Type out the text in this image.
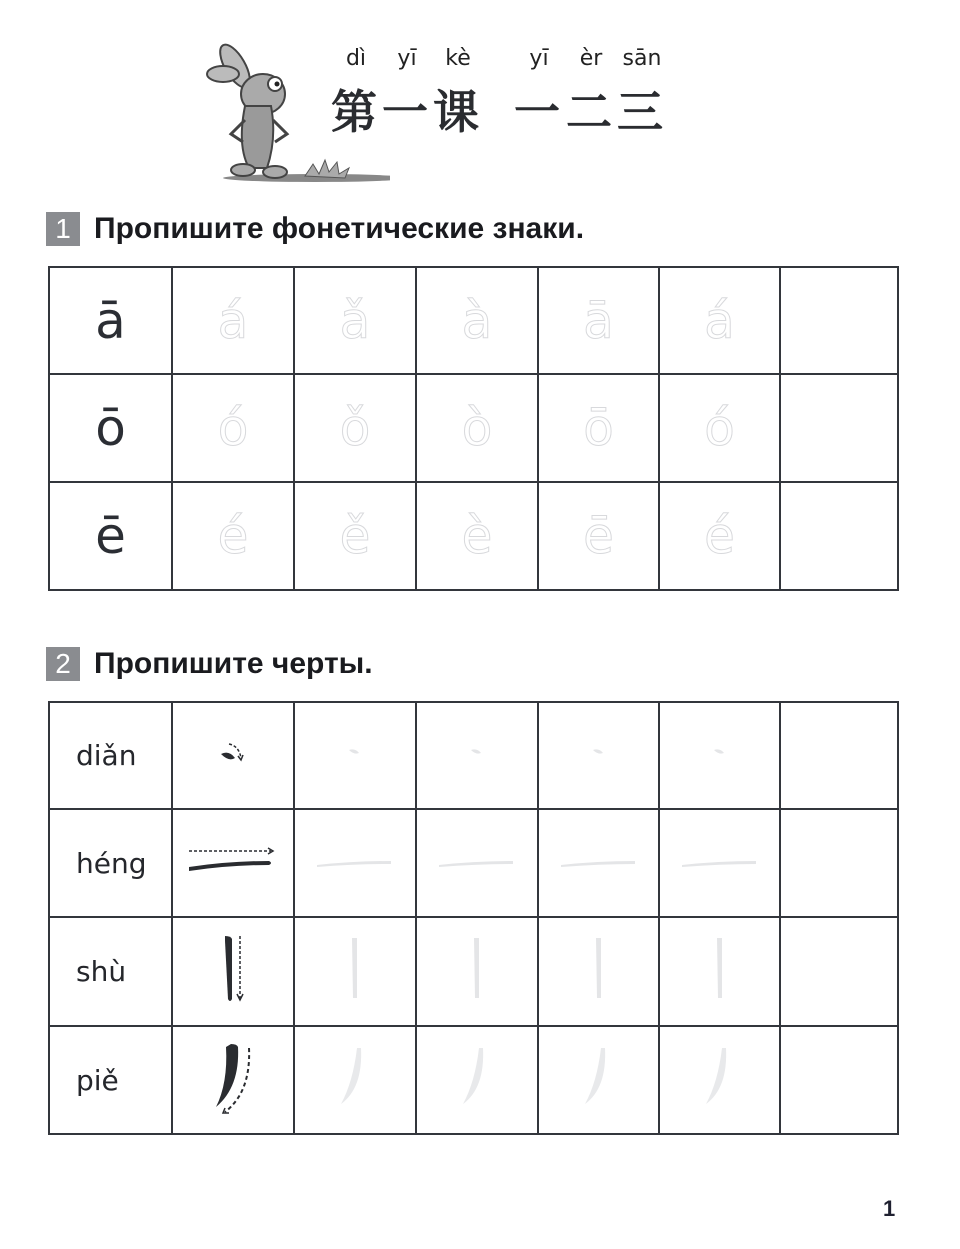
dì	yī	kè	yī	èr sān
第 一 课 一 二 三
1 Пропишите фонетические знаки.
ā	á	ǎ	à	ā	á	
ō	ó	ǒ	ò	ō	ó	
ē	é	ě	è	ē	é	
2 Пропишите черты.
diǎn						
héng						
shù						
piě						
1
